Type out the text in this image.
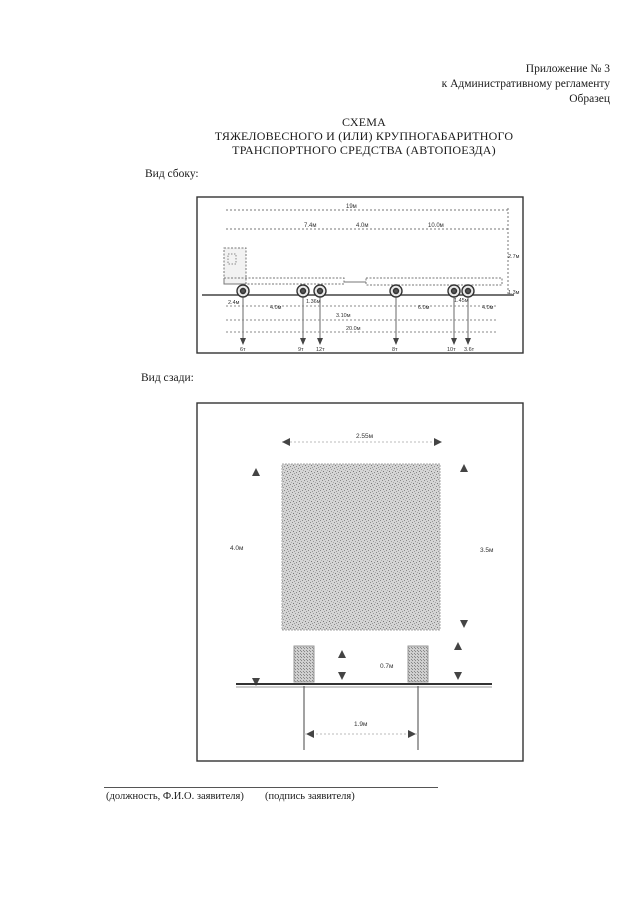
Приложение № 3
к Административному регламенту
Образец
СХЕМА
ТЯЖЕЛОВЕСНОГО И (ИЛИ) КРУПНОГАБАРИТНОГО
ТРАНСПОРТНОГО СРЕДСТВА (АВТОПОЕЗДА)
Вид сбоку:
19м
7.4м	4.0м	10.0м
2.7м
1.3м
2.4м
4.0м
1.36м
3.10м
6.0м
1.45м
4.0м
20.0м
6т	9т 12т	8т	10т 3.6т
Вид сзади:
2.55м
4.0м	3.5м
0.7м
1.9м
(должность, Ф.И.О. заявителя) (подпись заявителя)
